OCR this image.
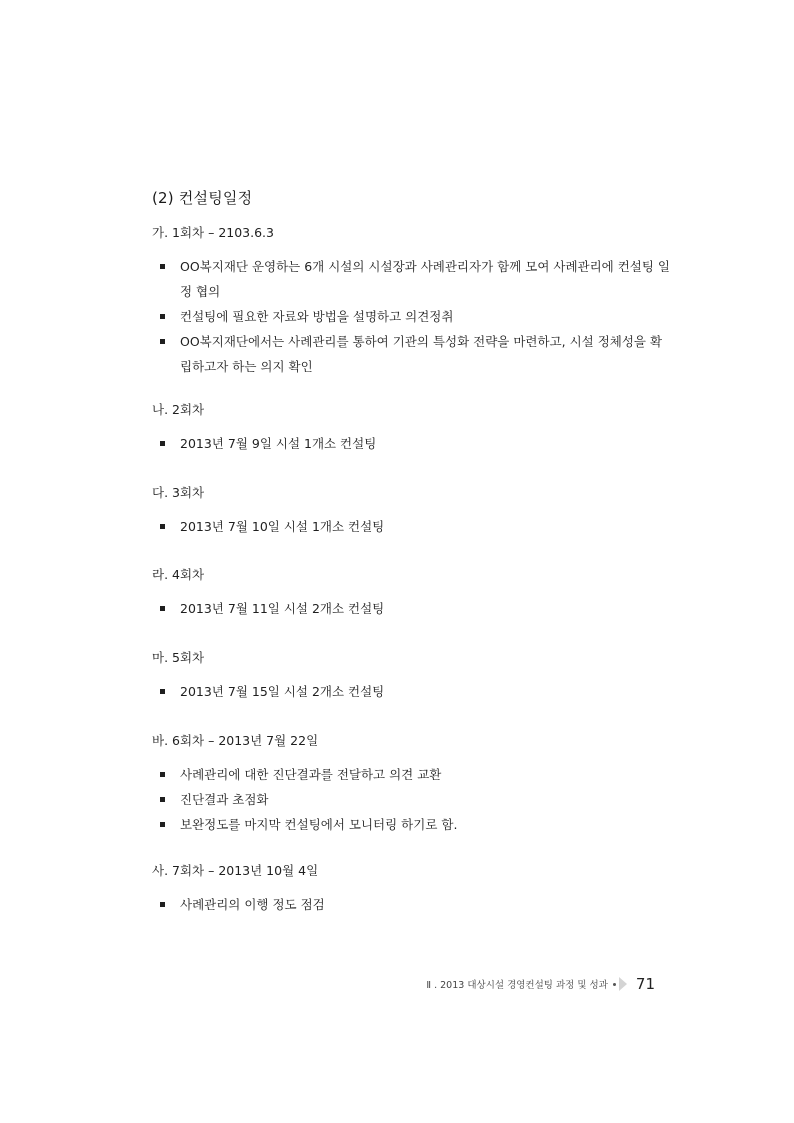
(2) 컨설팅일정

가. 1회차 – 2103.6.3

OO복지재단 운영하는 6개 시설의 시설장과 사례관리자가 함께 모여 사례관리에 컨설팅 일정 협의
컨설팅에 필요한 자료와 방법을 설명하고 의견정취
OO복지재단에서는 사례관리를 통하여 기관의 특성화 전략을 마련하고, 시설 정체성을 확립하고자 하는 의지 확인

나. 2회차

2013년 7월 9일 시설 1개소 컨설팅

다. 3회차

2013년 7월 10일 시설 1개소 컨설팅

라. 4회차

2013년 7월 11일 시설 2개소 컨설팅

마. 5회차

2013년 7월 15일 시설 2개소 컨설팅

바. 6회차 – 2013년 7월 22일

사례관리에 대한 진단결과를 전달하고 의견 교환
진단결과 초점화
보완정도를 마지막 컨설팅에서 모니터링 하기로 함.

사. 7회차 – 2013년 10월 4일

사례관리의 이행 정도 점검
Ⅱ . 2013 대상시설 경영컨설팅 과정 및 성과 71
